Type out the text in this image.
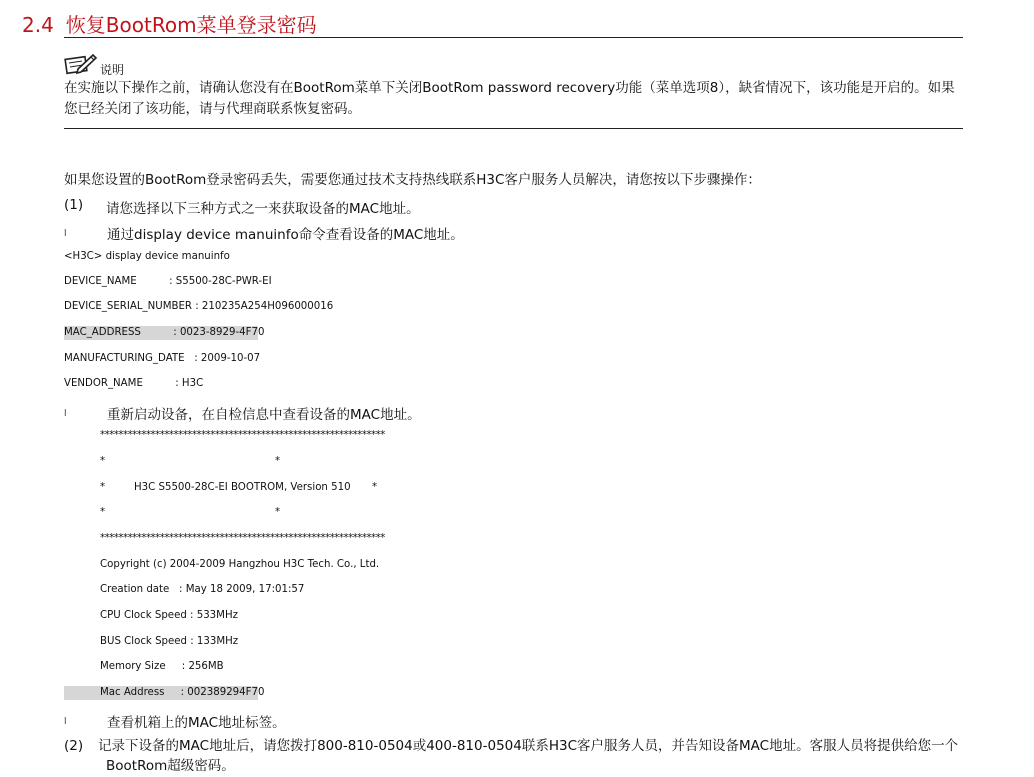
2.4 恢复BootRom菜单登录密码
说明
在实施以下操作之前，请确认您没有在BootRom菜单下关闭BootRom password recovery功能（菜单选项8），缺省情况下，该功能是开启的。如果您已经关闭了该功能，请与代理商联系恢复密码。
如果您设置的BootRom登录密码丢失，需要您通过技术支持热线联系H3C客户服务人员解决，请您按以下步骤操作：
(1) 请您选择以下三种方式之一来获取设备的MAC地址。
l	通过display device manuinfo命令查看设备的MAC地址。
<H3C> display device manuinfo
DEVICE_NAME          : S5500-28C-PWR-EI
DEVICE_SERIAL_NUMBER : 210235A254H096000016
MAC_ADDRESS          : 0023-8929-4F70
MANUFACTURING_DATE   : 2009-10-07
VENDOR_NAME          : H3C
l	重新启动设备，在自检信息中查看设备的MAC地址。
**************************************************************
*	*
*	H3C S5500-28C-EI BOOTROM, Version 510 *
*	*
**************************************************************
Copyright (c) 2004-2009 Hangzhou H3C Tech. Co., Ltd.
Creation date   : May 18 2009, 17:01:57
CPU Clock Speed : 533MHz
BUS Clock Speed : 133MHz
Memory Size     : 256MB
Mac Address     : 002389294F70
l	查看机箱上的MAC地址标签。
(2)	记录下设备的MAC地址后，请您拨打800-810-0504或400-810-0504联系H3C客户服务人员，并告知设备MAC地址。客服人员将提供给您一个BootRom超级密码。
